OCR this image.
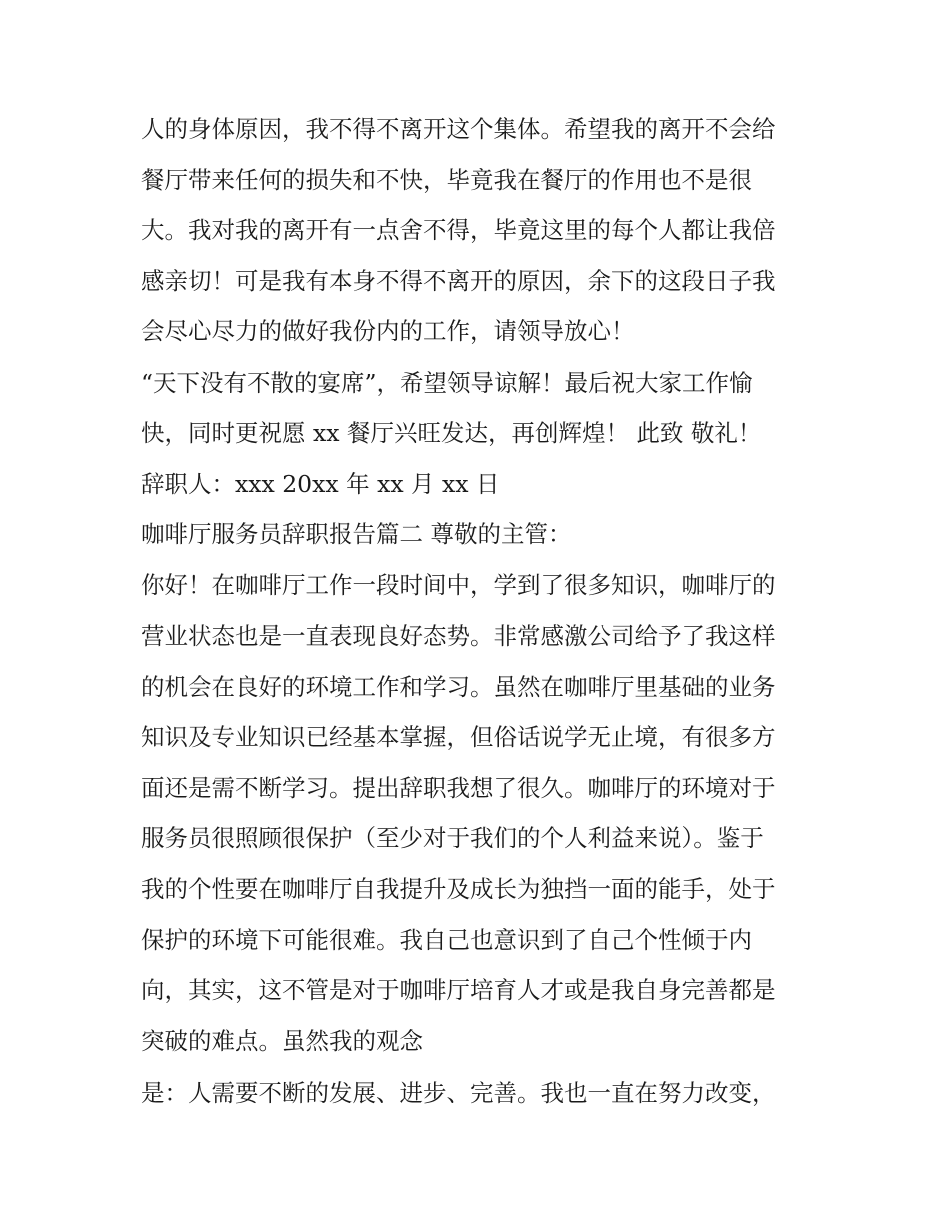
人的身体原因，我不得不离开这个集体。希望我的离开不会给
餐厅带来任何的损失和不快，毕竟我在餐厅的作用也不是很
大。我对我的离开有一点舍不得，毕竟这里的每个人都让我倍
感亲切！可是我有本身不得不离开的原因，余下的这段日子我
会尽心尽力的做好我份内的工作，请领导放心！
“天下没有不散的宴席”，希望领导谅解！最后祝大家工作愉
快，同时更祝愿 xx 餐厅兴旺发达，再创辉煌！ 此致 敬礼！
辞职人：xxx 20xx 年 xx 月 xx 日
咖啡厅服务员辞职报告篇二 尊敬的主管：
你好！在咖啡厅工作一段时间中，学到了很多知识，咖啡厅的
营业状态也是一直表现良好态势。非常感激公司给予了我这样
的机会在良好的环境工作和学习。虽然在咖啡厅里基础的业务
知识及专业知识已经基本掌握，但俗话说学无止境，有很多方
面还是需不断学习。提出辞职我想了很久。咖啡厅的环境对于
服务员很照顾很保护（至少对于我们的个人利益来说）。鉴于
我的个性要在咖啡厅自我提升及成长为独挡一面的能手，处于
保护的环境下可能很难。我自己也意识到了自己个性倾于内
向，其实，这不管是对于咖啡厅培育人才或是我自身完善都是
突破的难点。虽然我的观念
是：人需要不断的发展、进步、完善。我也一直在努力改变，
